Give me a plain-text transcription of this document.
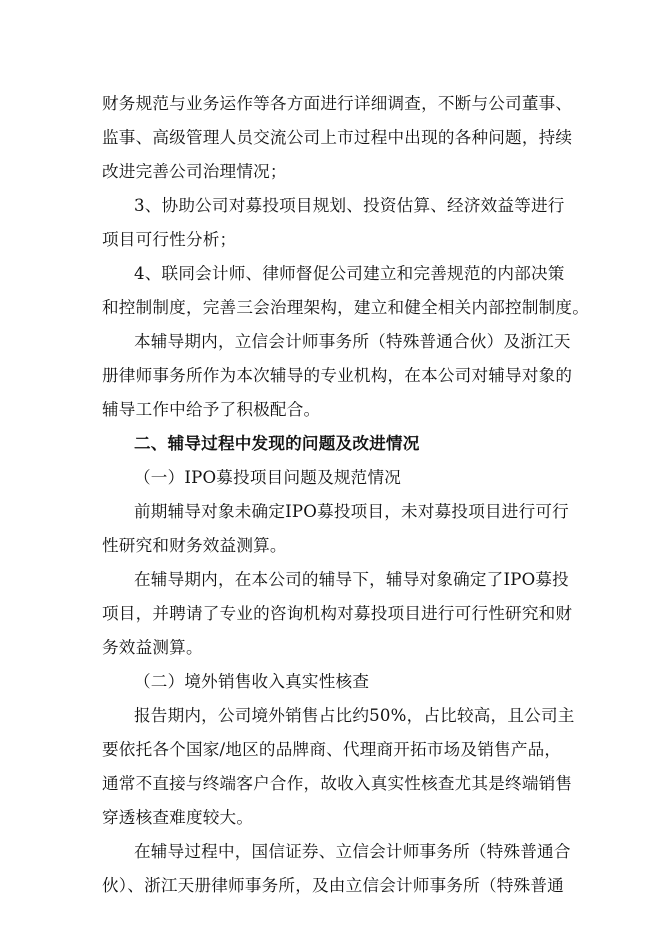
财务规范与业务运作等各方面进行详细调查，不断与公司董事、
监事、高级管理人员交流公司上市过程中出现的各种问题，持续
改进完善公司治理情况；
3、协助公司对募投项目规划、投资估算、经济效益等进行
项目可行性分析；
4、联同会计师、律师督促公司建立和完善规范的内部决策
和控制制度，完善三会治理架构，建立和健全相关内部控制制度。
本辅导期内，立信会计师事务所（特殊普通合伙）及浙江天
册律师事务所作为本次辅导的专业机构，在本公司对辅导对象的
辅导工作中给予了积极配合。
二、辅导过程中发现的问题及改进情况
（一）IPO募投项目问题及规范情况
前期辅导对象未确定IPO募投项目，未对募投项目进行可行
性研究和财务效益测算。
在辅导期内，在本公司的辅导下，辅导对象确定了IPO募投
项目，并聘请了专业的咨询机构对募投项目进行可行性研究和财
务效益测算。
（二）境外销售收入真实性核查
报告期内，公司境外销售占比约50%，占比较高，且公司主
要依托各个国家/地区的品牌商、代理商开拓市场及销售产品，
通常不直接与终端客户合作，故收入真实性核查尤其是终端销售
穿透核查难度较大。
在辅导过程中，国信证券、立信会计师事务所（特殊普通合
伙）、浙江天册律师事务所，及由立信会计师事务所（特殊普通
